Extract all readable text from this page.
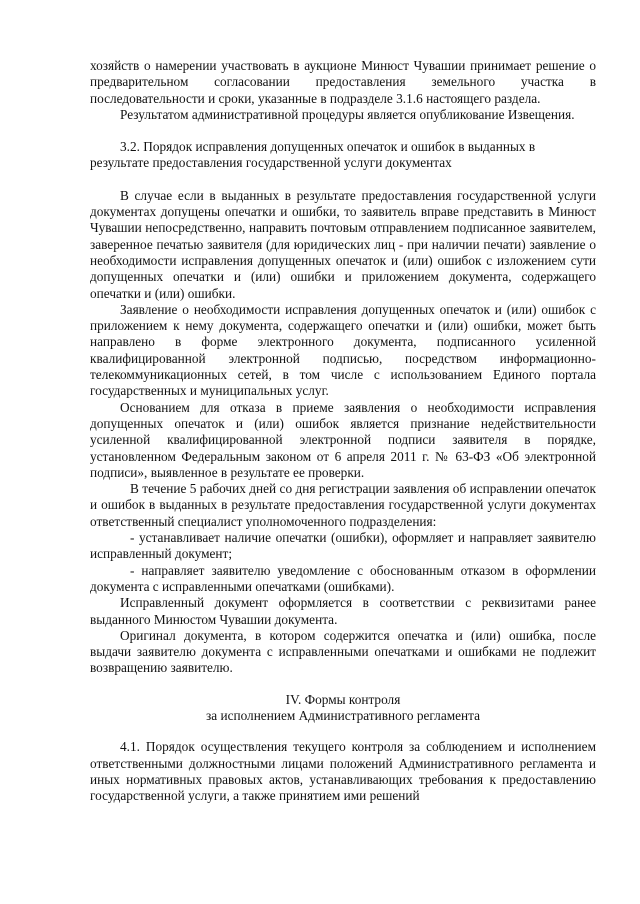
хозяйств о намерении участвовать в аукционе Минюст Чувашии принимает решение о предварительном согласовании предоставления земельного участка в последовательности и сроки, указанные в подразделе 3.1.6 настоящего раздела.

Результатом административной процедуры является опубликование Извещения.

3.2. Порядок исправления допущенных опечаток и ошибок в выданных в результате предоставления государственной услуги документах

В случае если в выданных в результате предоставления государственной услуги документах допущены опечатки и ошибки, то заявитель вправе представить в Минюст Чувашии непосредственно, направить почтовым отправлением подписанное заявителем, заверенное печатью заявителя (для юридических лиц - при наличии печати) заявление о необходимости исправления допущенных опечаток и (или) ошибок с изложением сути допущенных опечатки и (или) ошибки и приложением документа, содержащего опечатки и (или) ошибки.

Заявление о необходимости исправления допущенных опечаток и (или) ошибок с приложением к нему документа, содержащего опечатки и (или) ошибки, может быть направлено в форме электронного документа, подписанного усиленной квалифицированной электронной подписью, посредством информационно-телекоммуникационных сетей, в том числе с использованием Единого портала государственных и муниципальных услуг.

Основанием для отказа в приеме заявления о необходимости исправления допущенных опечаток и (или) ошибок является признание недействительности усиленной квалифицированной электронной подписи заявителя в порядке, установленном Федеральным законом от 6 апреля 2011 г. № 63-ФЗ «Об электронной подписи», выявленное в результате ее проверки.

В течение 5 рабочих дней со дня регистрации заявления об исправлении опечаток и ошибок в выданных в результате предоставления государственной услуги документах ответственный специалист уполномоченного подразделения:

- устанавливает наличие опечатки (ошибки), оформляет и направляет заявителю исправленный документ;

- направляет заявителю уведомление с обоснованным отказом в оформлении документа с исправленными опечатками (ошибками).

Исправленный документ оформляется в соответствии с реквизитами ранее выданного Минюстом Чувашии документа.

Оригинал документа, в котором содержится опечатка и (или) ошибка, после выдачи заявителю документа с исправленными опечатками и ошибками не подлежит возвращению заявителю.

IV. Формы контроля

за исполнением Административного регламента

4.1. Порядок осуществления текущего контроля за соблюдением и исполнением ответственными должностными лицами положений Административного регламента и иных нормативных правовых актов, устанавливающих требования к предоставлению государственной услуги, а также принятием ими решений
